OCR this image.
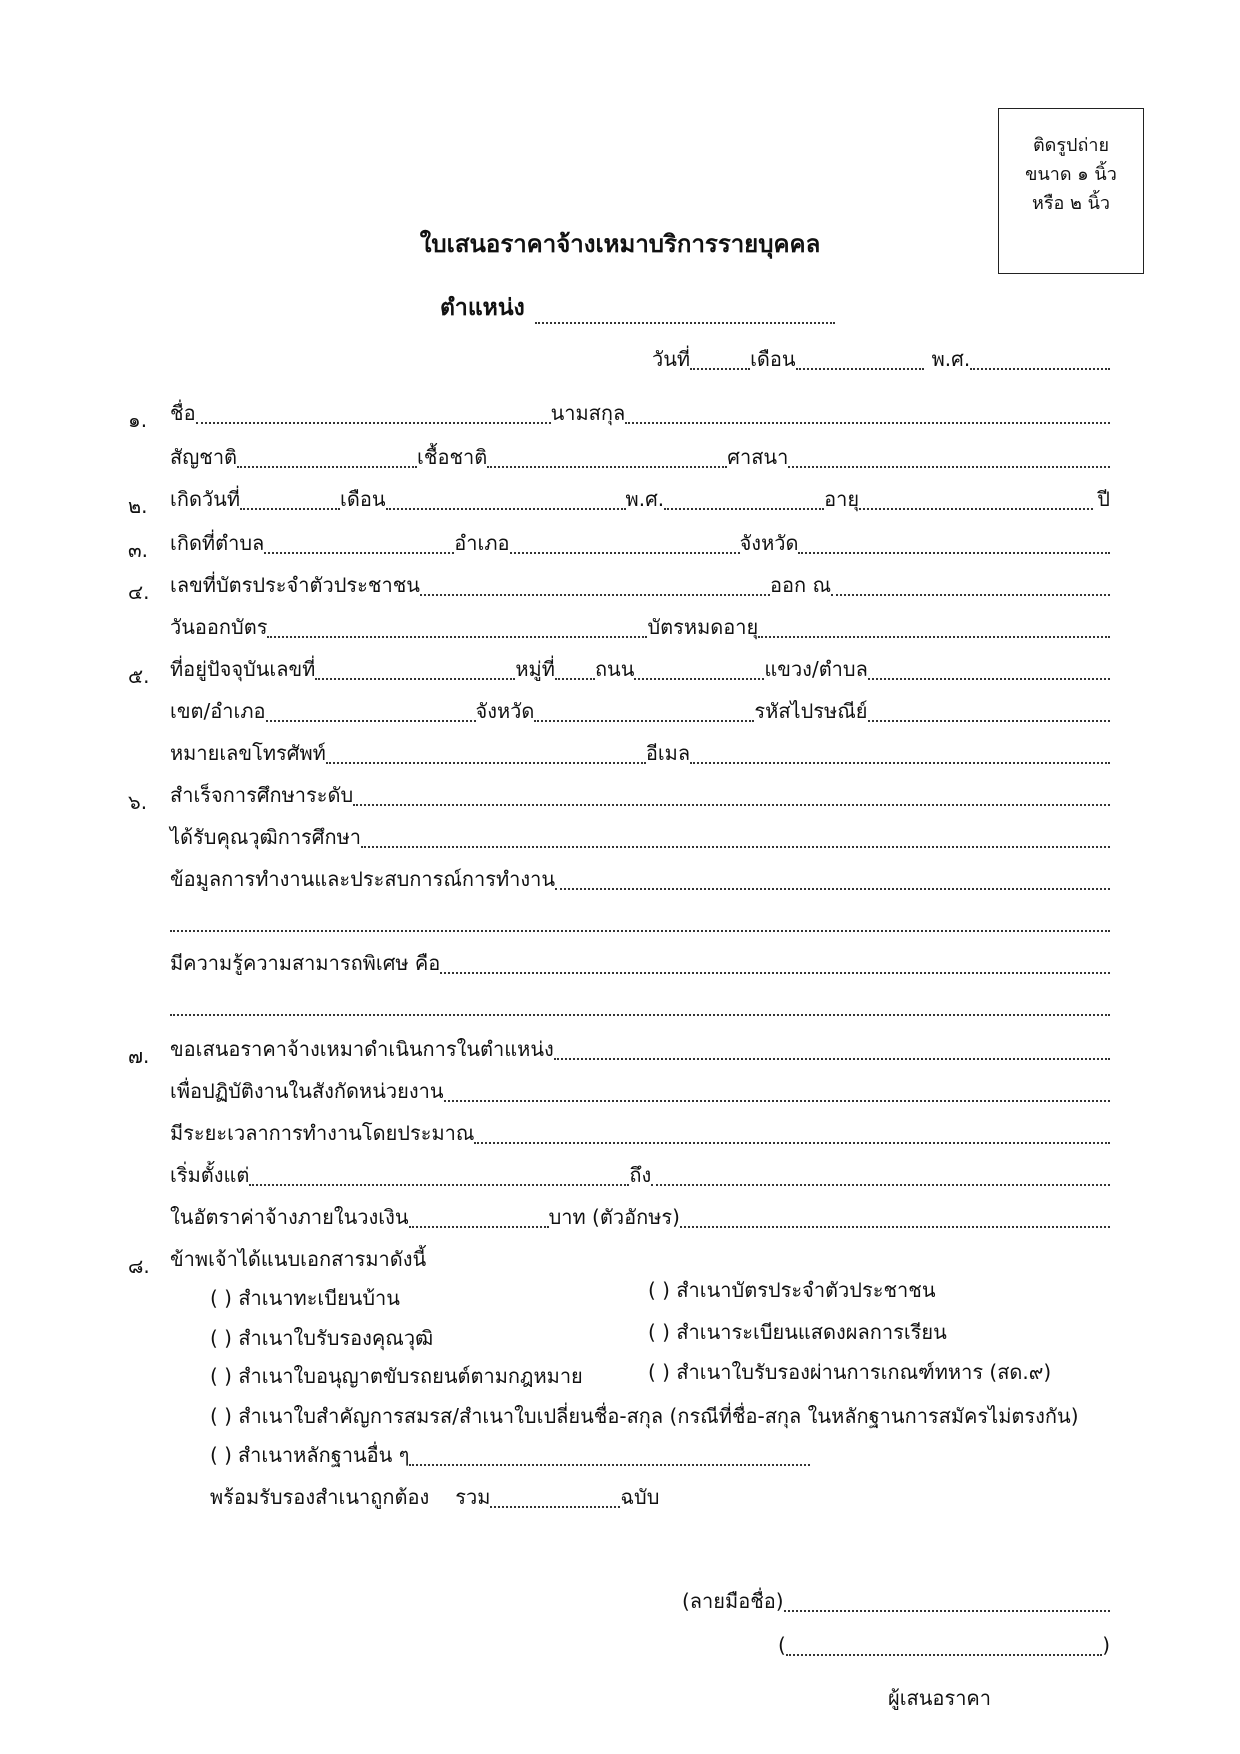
ติดรูปถ่าย
ขนาด ๑ นิ้ว
หรือ ๒ นิ้ว
ใบเสนอราคาจ้างเหมาบริการรายบุคคล
ตำแหน่ง
วันที่	เดือน	พ.ศ.
๑.	ชื่อ	นามสกุล
สัญชาติ	เชื้อชาติ	ศาสนา
๒.	เกิดวันที่	เดือน	พ.ศ.	อายุ	ปี
๓.	เกิดที่ตำบล	อำเภอ	จังหวัด
๔.	เลขที่บัตรประจำตัวประชาชน	ออก ณ
วันออกบัตร	บัตรหมดอายุ
๕.	ที่อยู่ปัจจุบันเลขที่	หมู่ที่ ถนน	แขวง/ตำบล
เขต/อำเภอ	จังหวัด	รหัสไปรษณีย์
หมายเลขโทรศัพท์	อีเมล
๖.	สำเร็จการศึกษาระดับ
ได้รับคุณวุฒิการศึกษา
ข้อมูลการทำงานและประสบการณ์การทำงาน
มีความรู้ความสามารถพิเศษ คือ
๗.	ขอเสนอราคาจ้างเหมาดำเนินการในตำแหน่ง
เพื่อปฏิบัติงานในสังกัดหน่วยงาน
มีระยะเวลาการทำงานโดยประมาณ
เริ่มตั้งแต่	ถึง
ในอัตราค่าจ้างภายในวงเงิน	บาท (ตัวอักษร)
๘.	ข้าพเจ้าได้แนบเอกสารมาดังนี้
( ) สำเนาทะเบียนบ้าน	( ) สำเนาบัตรประจำตัวประชาชน
( ) สำเนาใบรับรองคุณวุฒิ	( ) สำเนาระเบียนแสดงผลการเรียน
( ) สำเนาใบอนุญาตขับรถยนต์ตามกฎหมาย	( ) สำเนาใบรับรองผ่านการเกณฑ์ทหาร (สด.๙)
( ) สำเนาใบสำคัญการสมรส/สำเนาใบเปลี่ยนชื่อ-สกุล (กรณีที่ชื่อ-สกุล ในหลักฐานการสมัครไม่ตรงกัน)
( ) สำเนาหลักฐานอื่น ๆ
พร้อมรับรองสำเนาถูกต้อง รวม	ฉบับ
(ลายมือชื่อ)
(	)
ผู้เสนอราคา
